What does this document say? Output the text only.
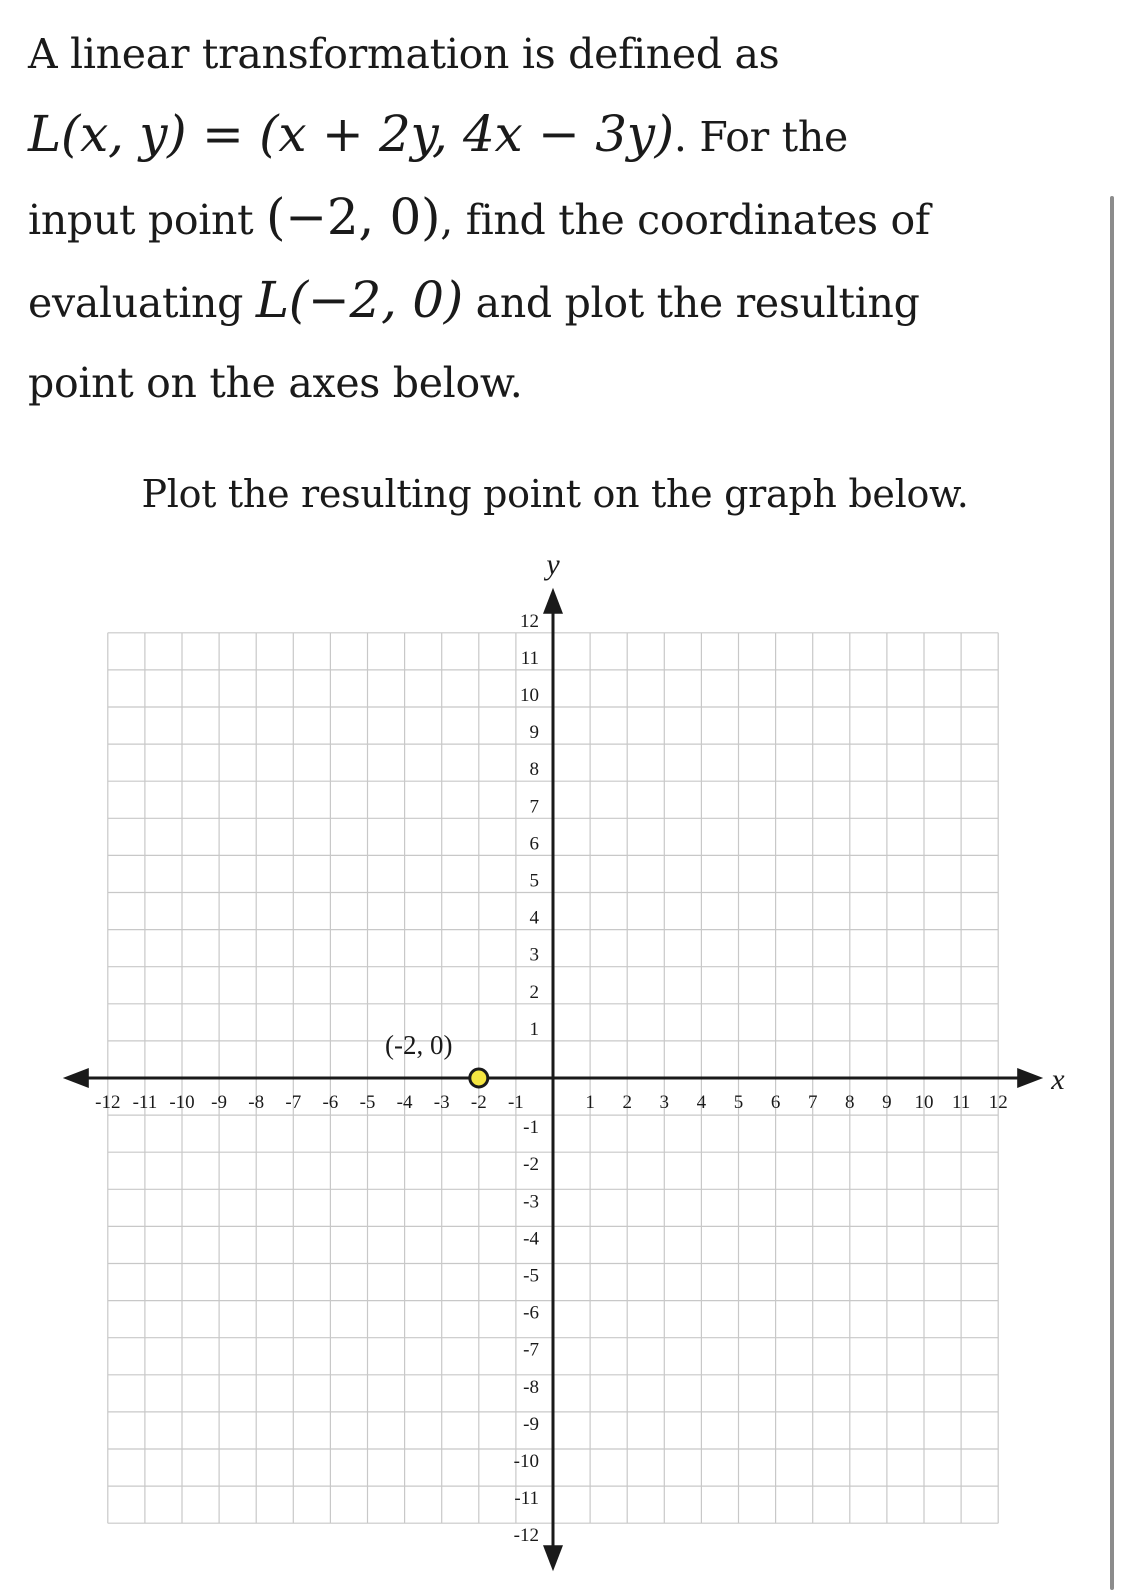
A linear transformation is defined as
L(x, y) = (x + 2y, 4x − 3y). For the
input point (−2, 0), find the coordinates of
evaluating L(−2, 0) and plot the resulting
point on the axes below.
Plot the resulting point on the graph below.
x
y
-12 -11 -10 -9 -8 -7 -6 -5 -4 -3 -2 -1	1 2 3 4 5 6 7 8 9 10 11 12
12
11
10
9
8
7
6
5
4
3
2
1
-1
-2
-3
-4
-5
-6
-7
-8
-9
-10
-11
-12
(-2, 0)
